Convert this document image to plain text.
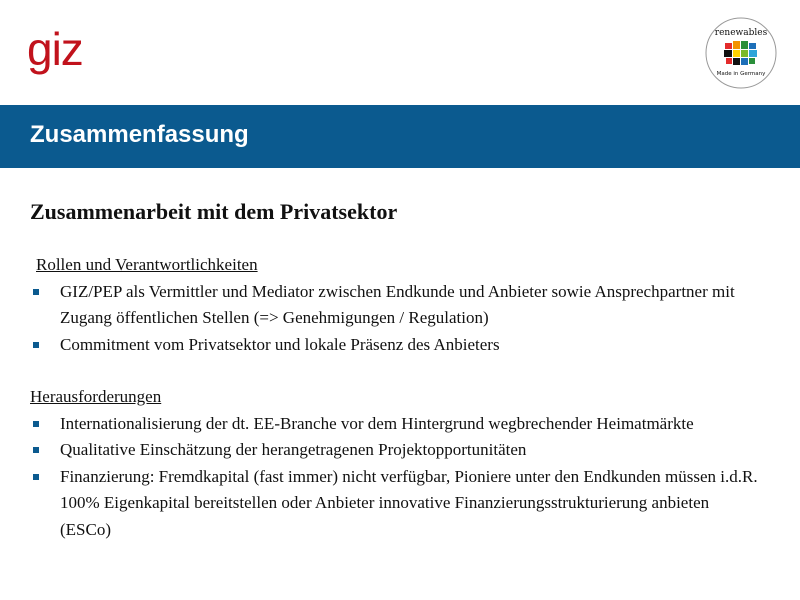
giz	renewables
Made in Germany
Zusammenfassung
Zusammenarbeit mit dem Privatsektor
Rollen und Verantwortlichkeiten
GIZ/PEP als Vermittler und Mediator zwischen Endkunde und Anbieter sowie Ansprechpartner mit Zugang öffentlichen Stellen (=> Genehmigungen / Regulation)
Commitment vom Privatsektor und lokale Präsenz des Anbieters
Herausforderungen
Internationalisierung der dt. EE-Branche vor dem Hintergrund wegbrechender Heimatmärkte
Qualitative Einschätzung der herangetragenen Projektopportunitäten
Finanzierung: Fremdkapital (fast immer) nicht verfügbar, Pioniere unter den Endkunden müssen i.d.R. 100% Eigenkapital bereitstellen oder Anbieter innovative Finanzierungsstrukturierung anbieten (ESCo)
